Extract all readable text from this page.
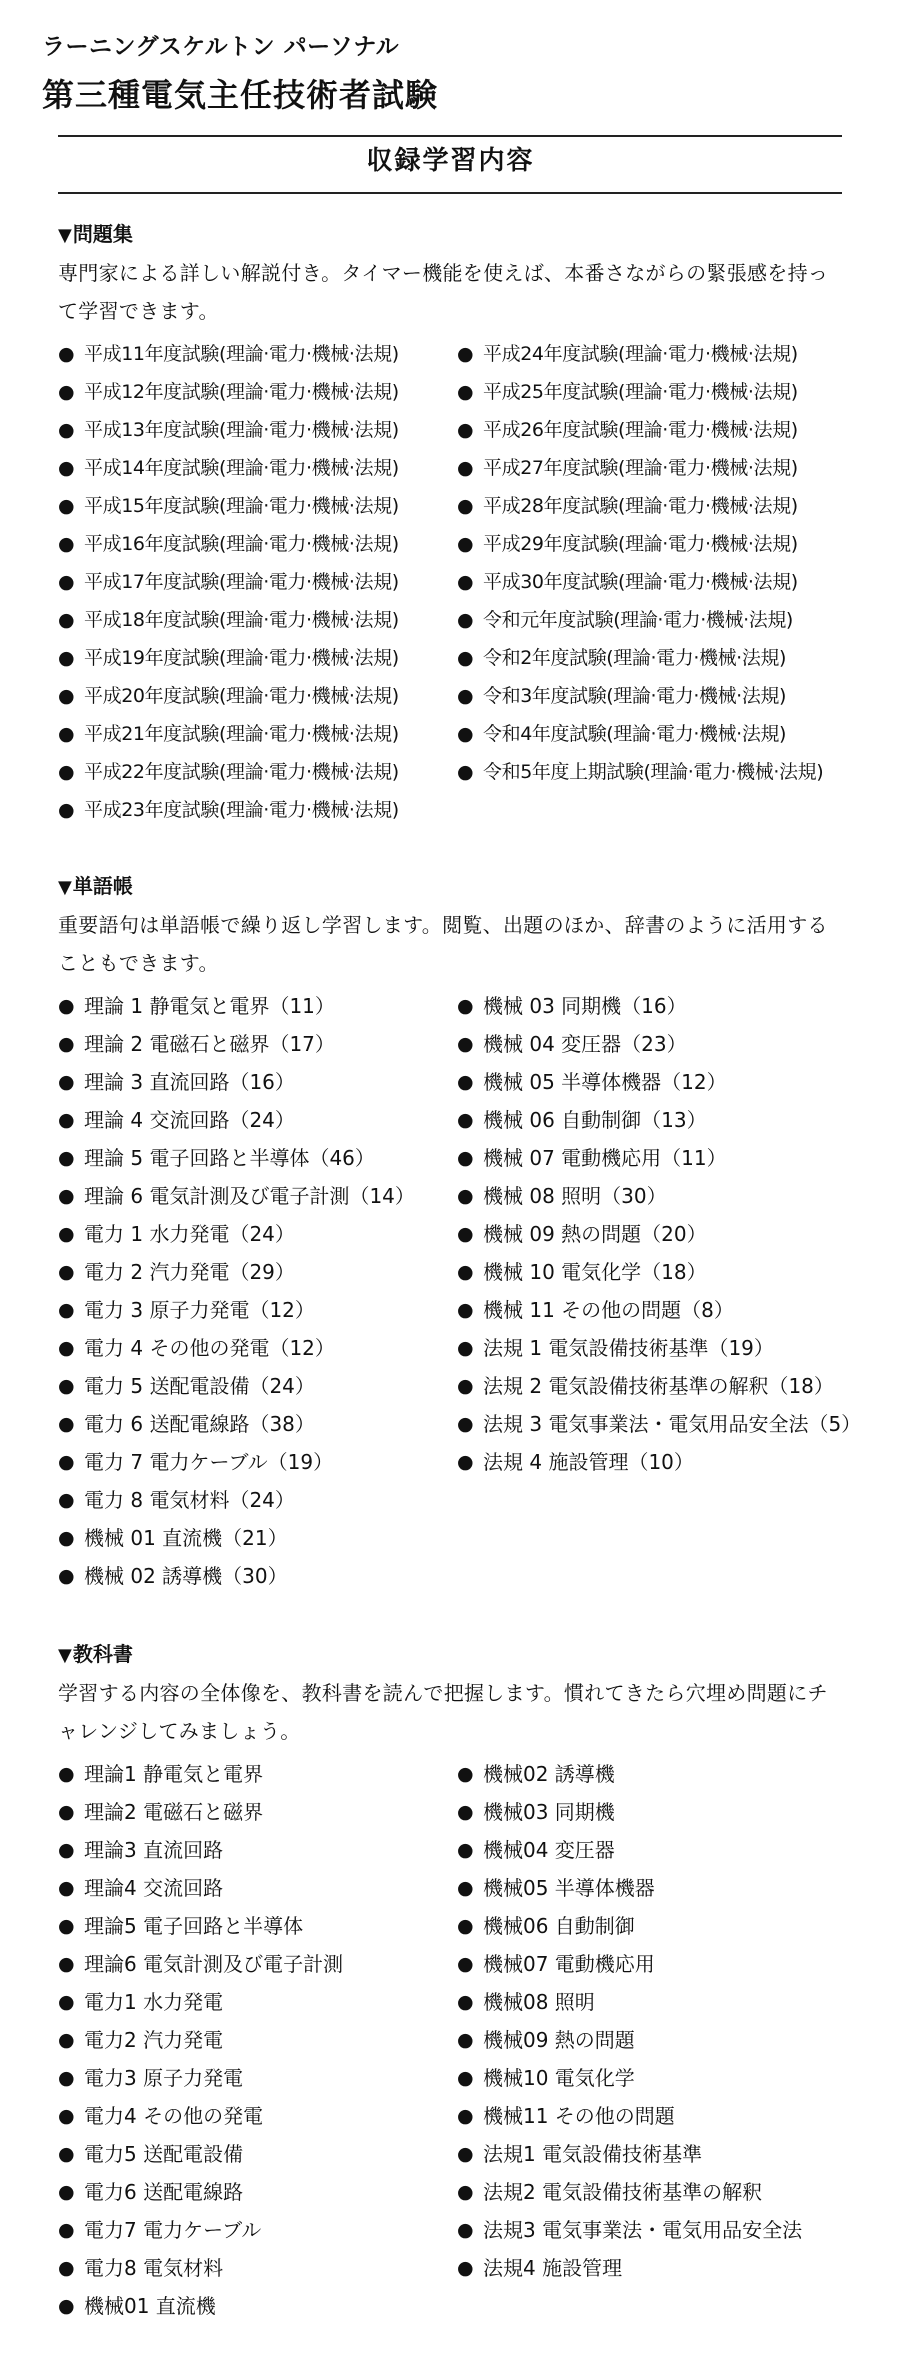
ラーニングスケルトン パーソナル
第三種電気主任技術者試験
収録学習内容
▼問題集
専門家による詳しい解説付き。タイマー機能を使えば、本番さながらの緊張感を持って学習できます。
● 平成11年度試験(理論·電力·機械·法規)
● 平成12年度試験(理論·電力·機械·法規)
● 平成13年度試験(理論·電力·機械·法規)
● 平成14年度試験(理論·電力·機械·法規)
● 平成15年度試験(理論·電力·機械·法規)
● 平成16年度試験(理論·電力·機械·法規)
● 平成17年度試験(理論·電力·機械·法規)
● 平成18年度試験(理論·電力·機械·法規)
● 平成19年度試験(理論·電力·機械·法規)
● 平成20年度試験(理論·電力·機械·法規)
● 平成21年度試験(理論·電力·機械·法規)
● 平成22年度試験(理論·電力·機械·法規)
● 平成23年度試験(理論·電力·機械·法規)
● 平成24年度試験(理論·電力·機械·法規)
● 平成25年度試験(理論·電力·機械·法規)
● 平成26年度試験(理論·電力·機械·法規)
● 平成27年度試験(理論·電力·機械·法規)
● 平成28年度試験(理論·電力·機械·法規)
● 平成29年度試験(理論·電力·機械·法規)
● 平成30年度試験(理論·電力·機械·法規)
● 令和元年度試験(理論·電力·機械·法規)
● 令和2年度試験(理論·電力·機械·法規)
● 令和3年度試験(理論·電力·機械·法規)
● 令和4年度試験(理論·電力·機械·法規)
● 令和5年度上期試験(理論·電力·機械·法規)
▼単語帳
重要語句は単語帳で繰り返し学習します。閲覧、出題のほか、辞書のように活用することもできます。
● 理論 1 静電気と電界（11）
● 理論 2 電磁石と磁界（17）
● 理論 3 直流回路（16）
● 理論 4 交流回路（24）
● 理論 5 電子回路と半導体（46）
● 理論 6 電気計測及び電子計測（14）
● 電力 1 水力発電（24）
● 電力 2 汽力発電（29）
● 電力 3 原子力発電（12）
● 電力 4 その他の発電（12）
● 電力 5 送配電設備（24）
● 電力 6 送配電線路（38）
● 電力 7 電力ケーブル（19）
● 電力 8 電気材料（24）
● 機械 01 直流機（21）
● 機械 02 誘導機（30）
● 機械 03 同期機（16）
● 機械 04 変圧器（23）
● 機械 05 半導体機器（12）
● 機械 06 自動制御（13）
● 機械 07 電動機応用（11）
● 機械 08 照明（30）
● 機械 09 熱の問題（20）
● 機械 10 電気化学（18）
● 機械 11 その他の問題（8）
● 法規 1 電気設備技術基準（19）
● 法規 2 電気設備技術基準の解釈（18）
● 法規 3 電気事業法・電気用品安全法（5）
● 法規 4 施設管理（10）
▼教科書
学習する内容の全体像を、教科書を読んで把握します。慣れてきたら穴埋め問題にチャレンジしてみましょう。
● 理論1 静電気と電界
● 理論2 電磁石と磁界
● 理論3 直流回路
● 理論4 交流回路
● 理論5 電子回路と半導体
● 理論6 電気計測及び電子計測
● 電力1 水力発電
● 電力2 汽力発電
● 電力3 原子力発電
● 電力4 その他の発電
● 電力5 送配電設備
● 電力6 送配電線路
● 電力7 電力ケーブル
● 電力8 電気材料
● 機械01 直流機
● 機械02 誘導機
● 機械03 同期機
● 機械04 変圧器
● 機械05 半導体機器
● 機械06 自動制御
● 機械07 電動機応用
● 機械08 照明
● 機械09 熱の問題
● 機械10 電気化学
● 機械11 その他の問題
● 法規1 電気設備技術基準
● 法規2 電気設備技術基準の解釈
● 法規3 電気事業法・電気用品安全法
● 法規4 施設管理
